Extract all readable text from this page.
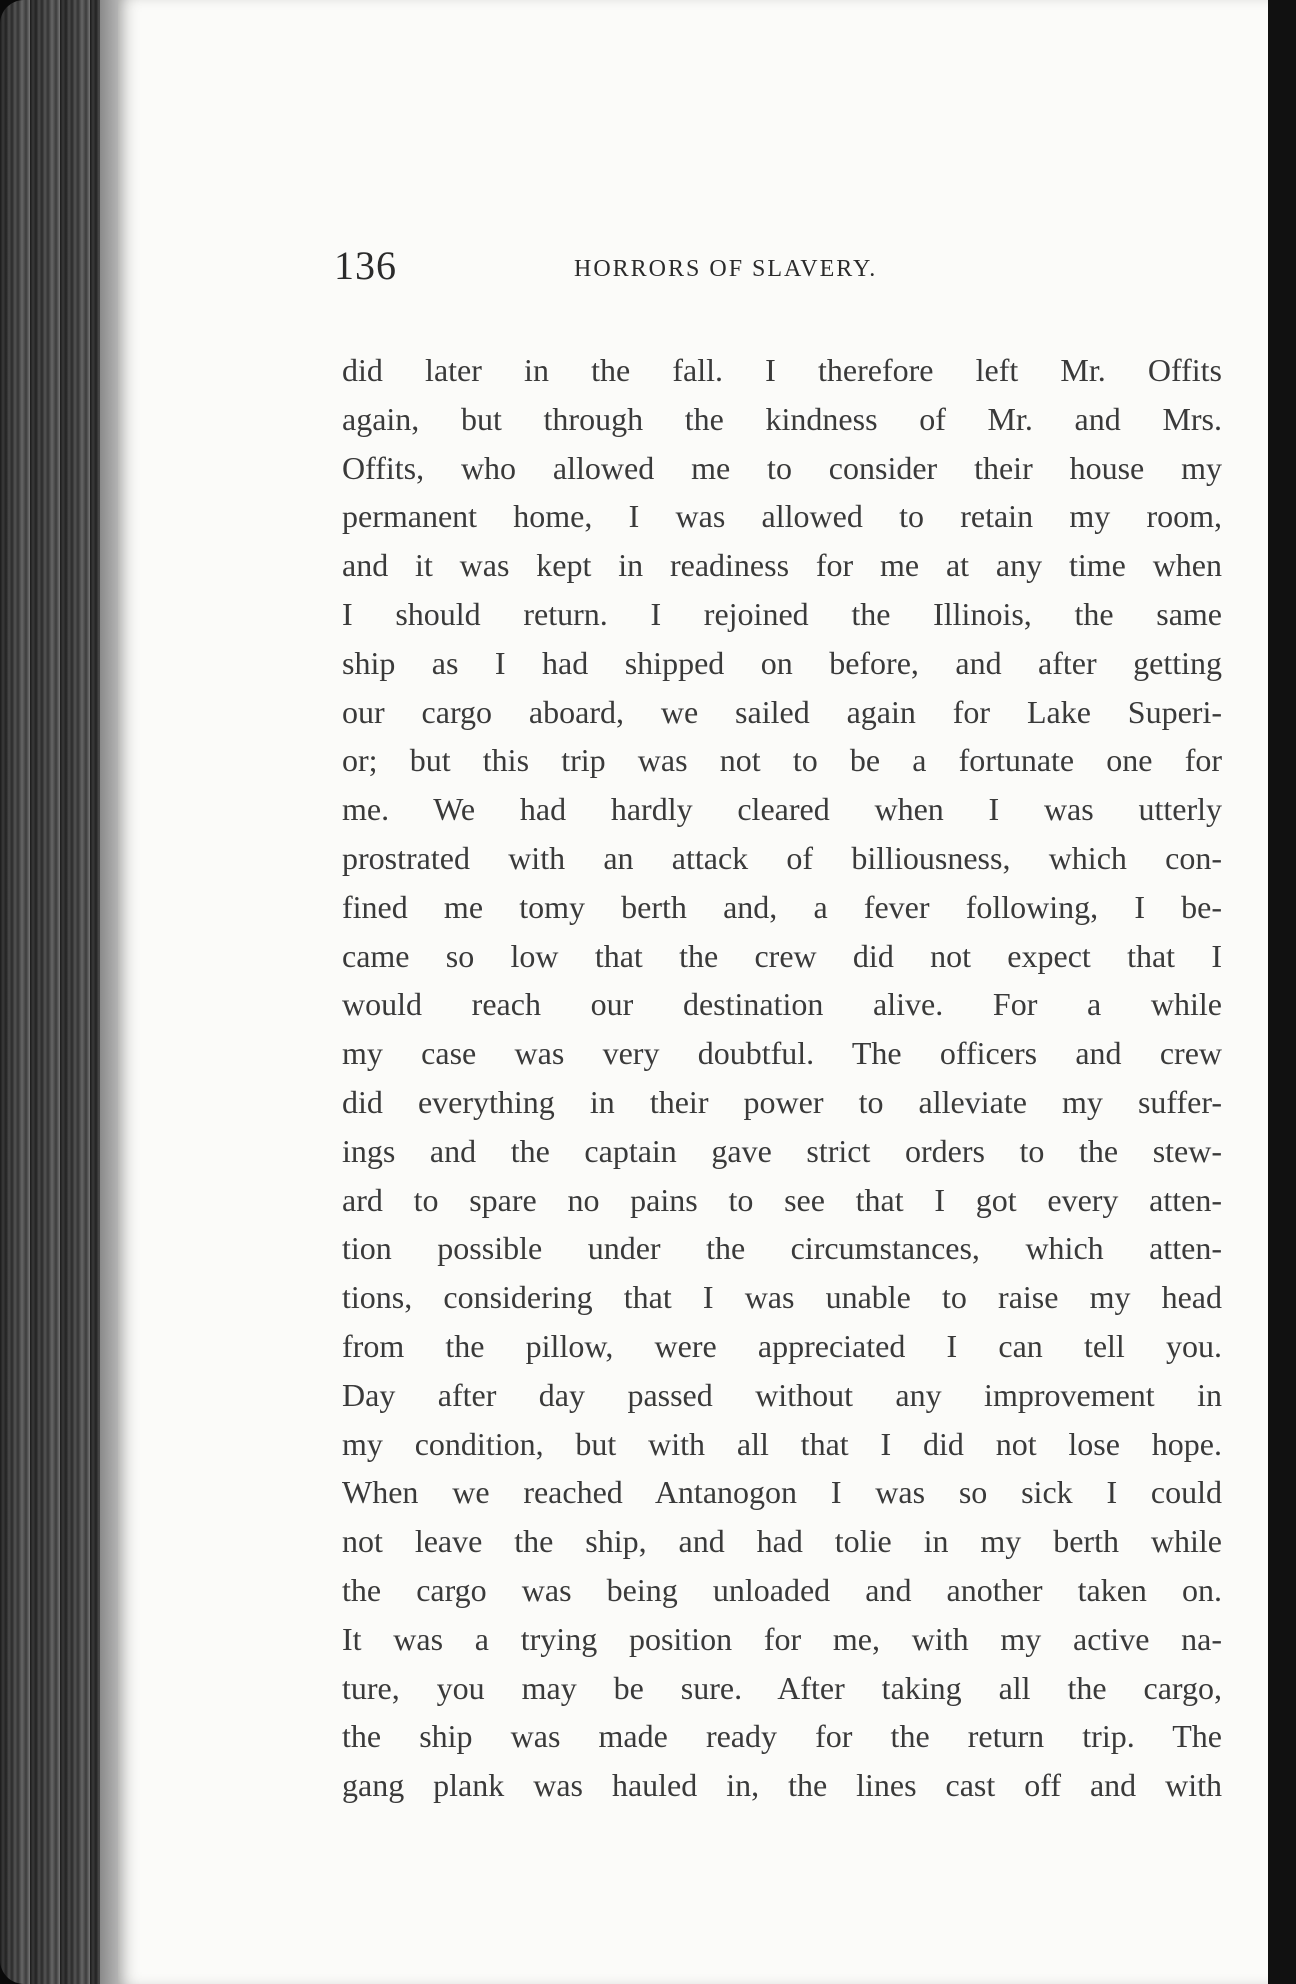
136	HORRORS OF SLAVERY.
did later in the fall. I therefore left Mr. Offits
again, but through the kindness of Mr. and Mrs.
Offits, who allowed me to consider their house my
permanent home, I was allowed to retain my room,
and it was kept in readiness for me at any time when
I should return. I rejoined the Illinois, the same
ship as I had shipped on before, and after getting
our cargo aboard, we sailed again for Lake Superi-
or; but this trip was not to be a fortunate one for
me. We had hardly cleared when I was utterly
prostrated with an attack of billiousness, which con-
fined me tomy berth and, a fever following, I be-
came so low that the crew did not expect that I
would reach our destination alive. For a while
my case was very doubtful. The officers and crew
did everything in their power to alleviate my suffer-
ings and the captain gave strict orders to the stew-
ard to spare no pains to see that I got every atten-
tion possible under the circumstances, which atten-
tions, considering that I was unable to raise my head
from the pillow, were appreciated I can tell you.
Day after day passed without any improvement in
my condition, but with all that I did not lose hope.
When we reached Antanogon I was so sick I could
not leave the ship, and had tolie in my berth while
the cargo was being unloaded and another taken on.
It was a trying position for me, with my active na-
ture, you may be sure. After taking all the cargo,
the ship was made ready for the return trip. The
gang plank was hauled in, the lines cast off and with
